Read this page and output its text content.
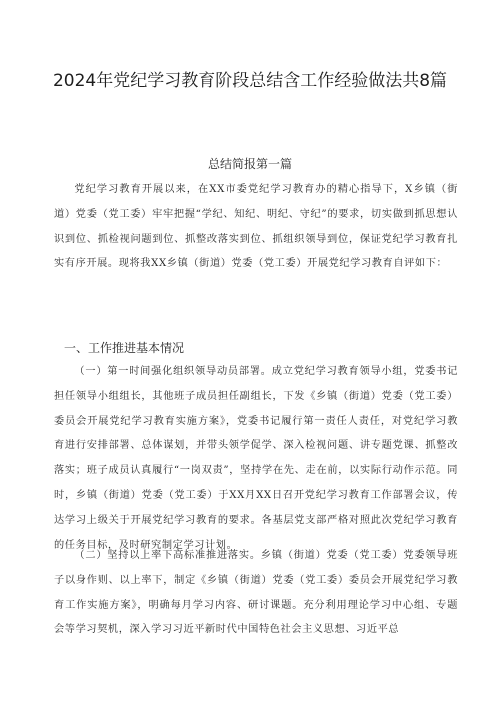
2024年党纪学习教育阶段总结含工作经验做法共8篇

总结简报第一篇

党纪学习教育开展以来，在XX市委党纪学习教育办的精心指导下，X乡镇（街道）党委（党工委）牢牢把握“学纪、知纪、明纪、守纪”的要求，切实做到抓思想认识到位、抓检视问题到位、抓整改落实到位、抓组织领导到位，保证党纪学习教育扎实有序开展。现将我XX乡镇（街道）党委（党工委）开展党纪学习教育自评如下：

一、工作推进基本情况

（一）第一时间强化组织领导动员部署。成立党纪学习教育领导小组，党委书记担任领导小组组长，其他班子成员担任副组长，下发《乡镇（街道）党委（党工委）委员会开展党纪学习教育实施方案》，党委书记履行第一责任人责任，对党纪学习教育进行安排部署、总体谋划，并带头领学促学、深入检视问题、讲专题党课、抓整改落实；班子成员认真履行“一岗双责”，坚持学在先、走在前，以实际行动作示范。同时，乡镇（街道）党委（党工委）于XX月XX日召开党纪学习教育工作部署会议，传达学习上级关于开展党纪学习教育的要求。各基层党支部严格对照此次党纪学习教育的任务目标，及时研究制定学习计划。

（二）坚持以上率下高标准推进落实。乡镇（街道）党委（党工委）党委领导班子以身作则、以上率下，制定《乡镇（街道）党委（党工委）委员会开展党纪学习教育工作实施方案》，明确每月学习内容、研讨课题。充分利用理论学习中心组、专题会等学习契机，深入学习习近平新时代中国特色社会主义思想、习近平总
